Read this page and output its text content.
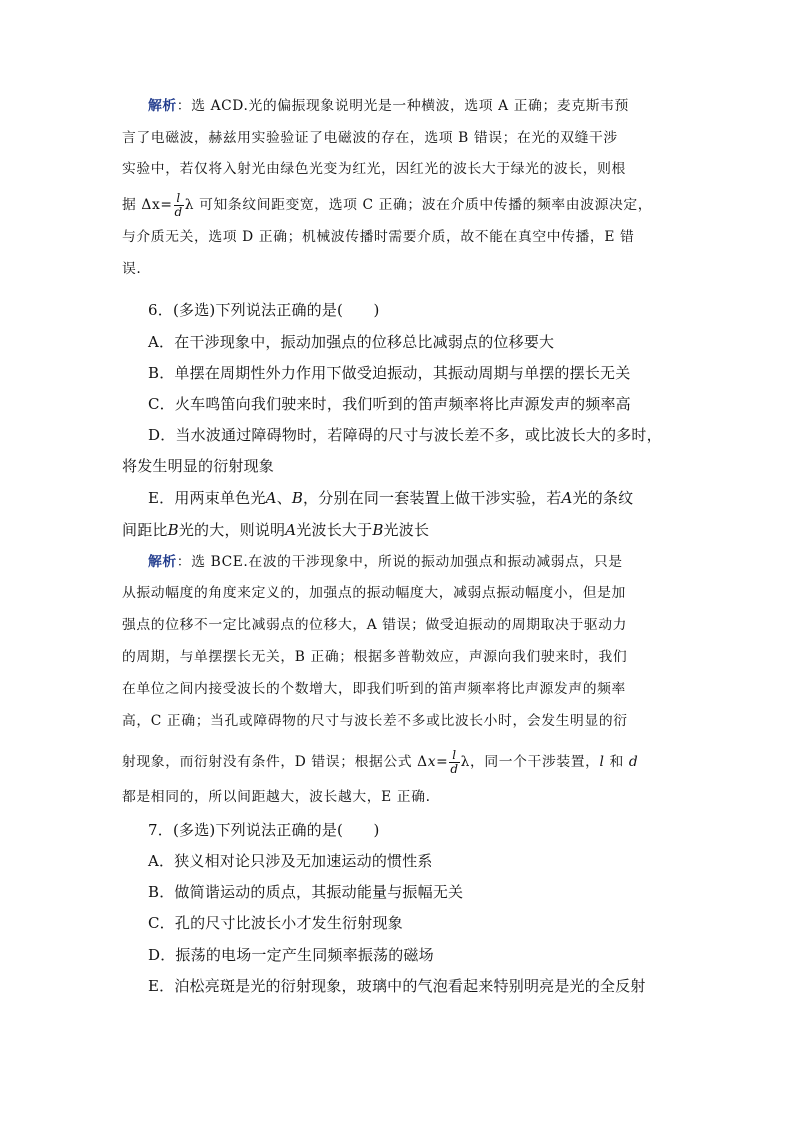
解析：选 ACD.光的偏振现象说明光是一种横波，选项 A 正确；麦克斯韦预
言了电磁波，赫兹用实验验证了电磁波的存在，选项 B 错误；在光的双缝干涉
实验中，若仅将入射光由绿色光变为红光，因红光的波长大于绿光的波长，则根
据 $\Delta x= \frac{l}{d}$ λ 可知条纹间距变宽，选项 C 正确；波在介质中传播的频率由波源决定，
与介质无关，选项 D 正确；机械波传播时需要介质，故不能在真空中传播，E 错
误.
6．(多选)下列说法正确的是(　　)
A．在干涉现象中，振动加强点的位移总比减弱点的位移要大
B．单摆在周期性外力作用下做受迫振动，其振动周期与单摆的摆长无关
C．火车鸣笛向我们驶来时，我们听到的笛声频率将比声源发声的频率高
D．当水波通过障碍物时，若障碍的尺寸与波长差不多，或比波长大的多时，
将发生明显的衍射现象
E．用两束单色光A、B，分别在同一套装置上做干涉实验，若A光的条纹
间距比B光的大，则说明A光波长大于B光波长
解析：选 BCE.在波的干涉现象中，所说的振动加强点和振动减弱点，只是
从振动幅度的角度来定义的，加强点的振动幅度大，减弱点振动幅度小，但是加
强点的位移不一定比减弱点的位移大，A 错误；做受迫振动的周期取决于驱动力
的周期，与单摆摆长无关，B 正确；根据多普勒效应，声源向我们驶来时，我们
在单位之间内接受波长的个数增大，即我们听到的笛声频率将比声源发声的频率
高，C 正确；当孔或障碍物的尺寸与波长差不多或比波长小时，会发生明显的衍
射现象，而衍射没有条件，D 错误；根据公式 $\Delta x= \frac{l}{d}$ λ，同一个干涉装置，l 和 d
都是相同的，所以间距越大，波长越大，E 正确.
7．(多选)下列说法正确的是(　　)
A．狭义相对论只涉及无加速运动的惯性系
B．做简谐运动的质点，其振动能量与振幅无关
C．孔的尺寸比波长小才发生衍射现象
D．振荡的电场一定产生同频率振荡的磁场
E．泊松亮斑是光的衍射现象，玻璃中的气泡看起来特别明亮是光的全反射
